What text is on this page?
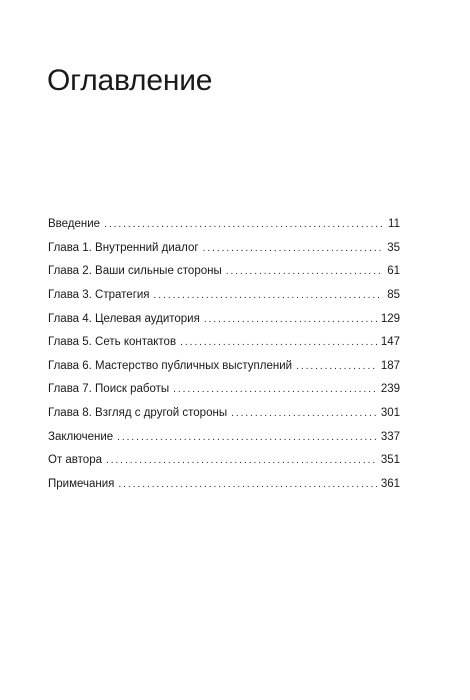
Оглавление
Введение . . .	11
Глава 1. Внутренний диалог . . .	35
Глава 2. Ваши сильные стороны . . .	61
Глава 3. Стратегия . . .	85
Глава 4. Целевая аудитория . . .	129
Глава 5. Сеть контактов . . .	147
Глава 6. Мастерство публичных выступлений . . .	187
Глава 7. Поиск работы . . .	239
Глава 8. Взгляд с другой стороны . . .	301
Заключение . . .	337
От автора . . .	351
Примечания . . .	361
